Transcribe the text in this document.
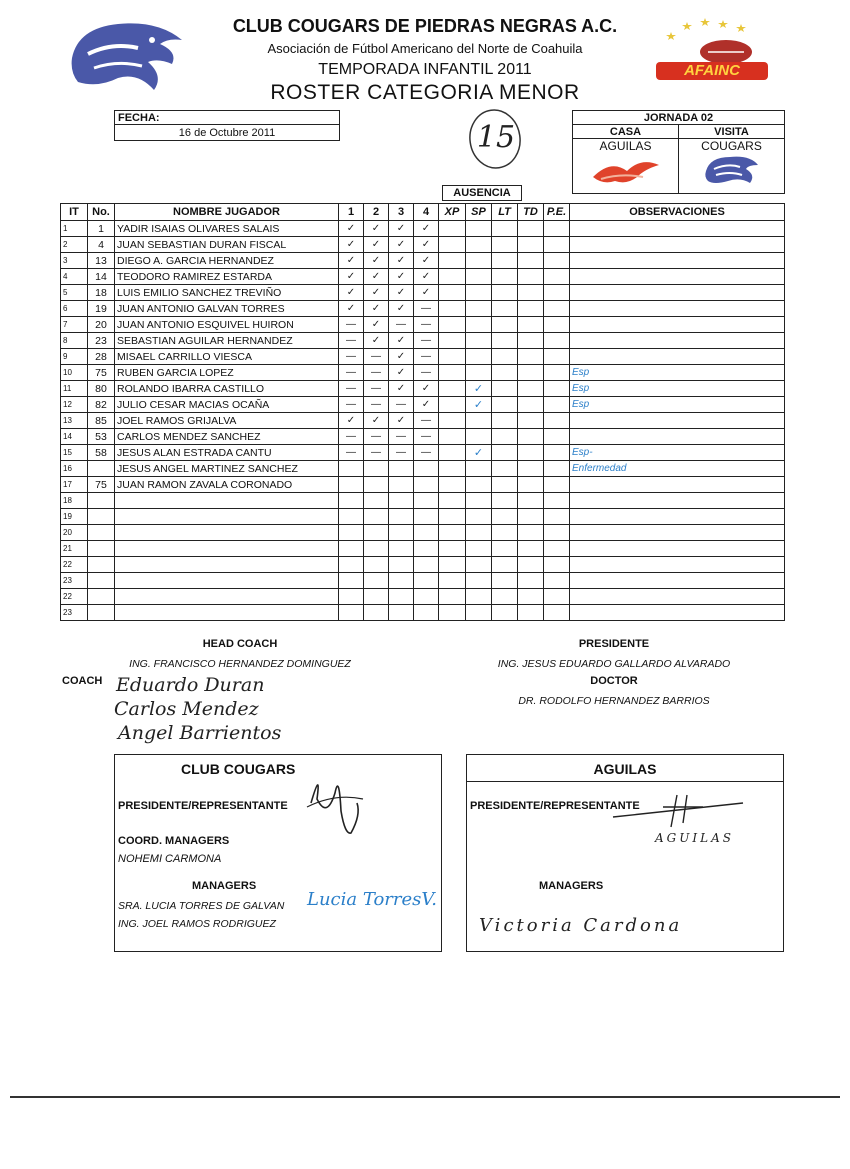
CLUB COUGARS DE PIEDRAS NEGRAS A.C.
Asociación de Fútbol Americano del Norte de Coahuila
TEMPORADA INFANTIL 2011
ROSTER CATEGORIA MENOR
AFAINC
15
FECHA:
16 de Octubre 2011
JORNADA 02	
CASA	VISITA

AGUILAS	COUGARS
AUSENCIA
IT	No.	NOMBRE JUGADOR	1	2	3	4	XP	SP	LT	TD	P.E.	OBSERVACIONES
1	1	YADIR ISAIAS OLIVARES SALAIS	✓	✓	✓	✓						
2	4	JUAN SEBASTIAN DURAN FISCAL	✓	✓	✓	✓						
3	13	DIEGO A. GARCIA HERNANDEZ	✓	✓	✓	✓						
4	14	TEODORO RAMIREZ ESTARDA	✓	✓	✓	✓						
5	18	LUIS EMILIO SANCHEZ TREVIÑO	✓	✓	✓	✓						
6	19	JUAN ANTONIO GALVAN TORRES	✓	✓	✓	—						
7	20	JUAN ANTONIO ESQUIVEL HUIRON	—	✓	—	—						
8	23	SEBASTIAN AGUILAR HERNANDEZ	—	✓	✓	—						
9	28	MISAEL CARRILLO VIESCA	—	—	✓	—						
10	75	RUBEN GARCIA LOPEZ	—	—	✓	—						Esp
11	80	ROLANDO IBARRA CASTILLO	—	—	✓	✓		✓				Esp
12	82	JULIO CESAR MACIAS OCAÑA	—	—	—	✓		✓				Esp
13	85	JOEL RAMOS GRIJALVA	✓	✓	✓	—						
14	53	CARLOS MENDEZ SANCHEZ	—	—	—	—						
15	58	JESUS ALAN ESTRADA CANTU	—	—	—	—		✓				Esp-
16		JESUS ANGEL MARTINEZ SANCHEZ										Enfermedad
17	75	JUAN RAMON ZAVALA CORONADO										
18												
19												
20												
21												
22												
23												
22												
23												
HEAD COACH
ING. FRANCISCO HERNANDEZ DOMINGUEZ
COACH Eduardo Duran
Carlos Mendez
Angel Barrientos
PRESIDENTE
ING. JESUS EDUARDO GALLARDO ALVARADO
DOCTOR
DR. RODOLFO HERNANDEZ BARRIOS
CLUB COUGARS
PRESIDENTE/REPRESENTANTE
COORD. MANAGERS
NOHEMI CARMONA
MANAGERS
SRA. LUCIA TORRES DE GALVAN
ING. JOEL RAMOS RODRIGUEZ
Lucia TorresV.
AGUILAS
PRESIDENTE/REPRESENTANTE
AGUILAS
MANAGERS
Victoria Cardona
